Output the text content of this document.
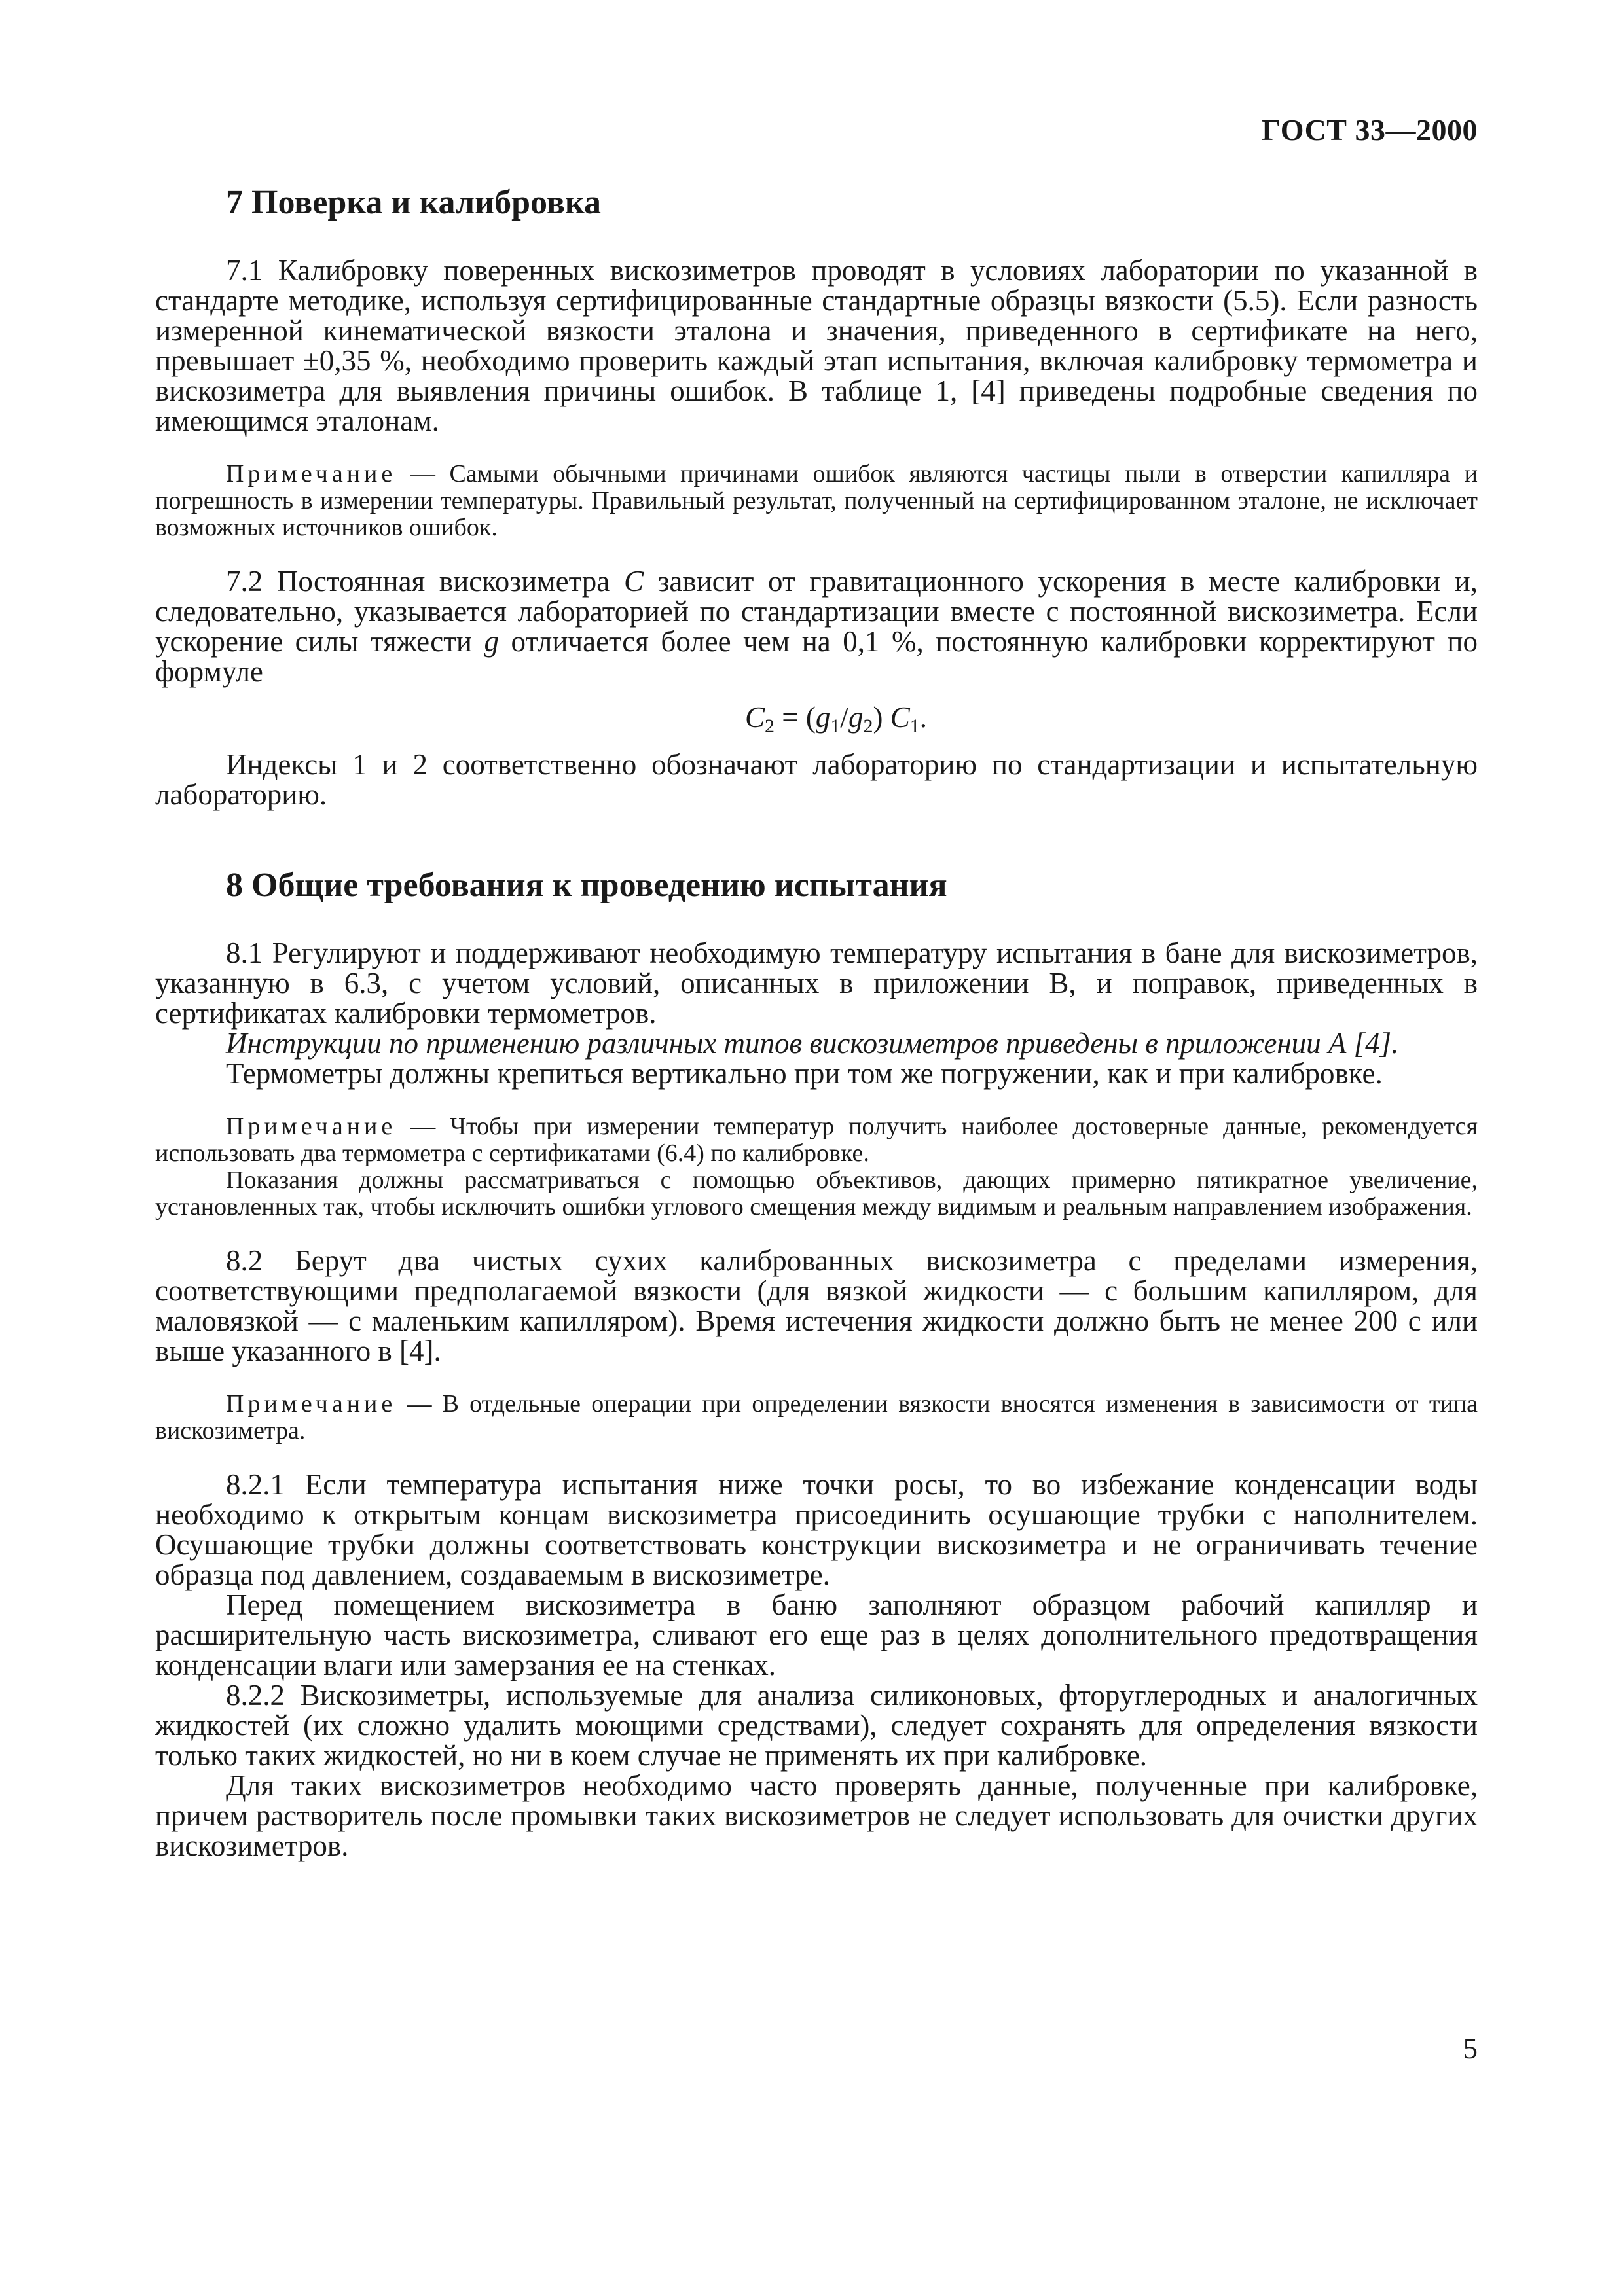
ГОСТ 33—2000
7 Поверка и калибровка

7.1 Калибровку поверенных вискозиметров проводят в условиях лаборатории по указанной в стандарте методике, используя сертифицированные стандартные образцы вязкости (5.5). Если разность измеренной кинематической вязкости эталона и значения, приведенного в сертификате на него, превышает ±0,35 %, необходимо проверить каждый этап испытания, включая калибровку термометра и вискозиметра для выявления причины ошибок. В таблице 1, [4] приведены подробные сведения по имеющимся эталонам.

Примечание — Самыми обычными причинами ошибок являются частицы пыли в отверстии капилляра и погрешность в измерении температуры. Правильный результат, полученный на сертифицированном эталоне, не исключает возможных источников ошибок.

7.2 Постоянная вискозиметра C зависит от гравитационного ускорения в месте калибровки и, следовательно, указывается лабораторией по стандартизации вместе с постоянной вискозиметра. Если ускорение силы тяжести g отличается более чем на 0,1 %, постоянную калибровки корректируют по формуле

$C_2 = (g_1/g_2)$ $C_1$.

Индексы 1 и 2 соответственно обозначают лабораторию по стандартизации и испытательную лабораторию.

8 Общие требования к проведению испытания

8.1 Регулируют и поддерживают необходимую температуру испытания в бане для вискозиметров, указанную в 6.3, с учетом условий, описанных в приложении B, и поправок, приведенных в сертификатах калибровки термометров.

Инструкции по применению различных типов вискозиметров приведены в приложении А [4].

Термометры должны крепиться вертикально при том же погружении, как и при калибровке.

Примечание — Чтобы при измерении температур получить наиболее достоверные данные, рекомендуется использовать два термометра с сертификатами (6.4) по калибровке.

Показания должны рассматриваться с помощью объективов, дающих примерно пятикратное увеличение, установленных так, чтобы исключить ошибки углового смещения между видимым и реальным направлением изображения.

8.2 Берут два чистых сухих калиброванных вискозиметра с пределами измерения, соответствующими предполагаемой вязкости (для вязкой жидкости — с большим капилляром, для маловязкой — с маленьким капилляром). Время истечения жидкости должно быть не менее 200 с или выше указанного в [4].

Примечание — В отдельные операции при определении вязкости вносятся изменения в зависимости от типа вискозиметра.

8.2.1 Если температура испытания ниже точки росы, то во избежание конденсации воды необходимо к открытым концам вискозиметра присоединить осушающие трубки с наполнителем. Осушающие трубки должны соответствовать конструкции вискозиметра и не ограничивать течение образца под давлением, создаваемым в вискозиметре.

Перед помещением вискозиметра в баню заполняют образцом рабочий капилляр и расширительную часть вискозиметра, сливают его еще раз в целях дополнительного предотвращения конденсации влаги или замерзания ее на стенках.

8.2.2 Вискозиметры, используемые для анализа силиконовых, фторуглеродных и аналогичных жидкостей (их сложно удалить моющими средствами), следует сохранять для определения вязкости только таких жидкостей, но ни в коем случае не применять их при калибровке.

Для таких вискозиметров необходимо часто проверять данные, полученные при калибровке, причем растворитель после промывки таких вискозиметров не следует использовать для очистки других вискозиметров.

5
